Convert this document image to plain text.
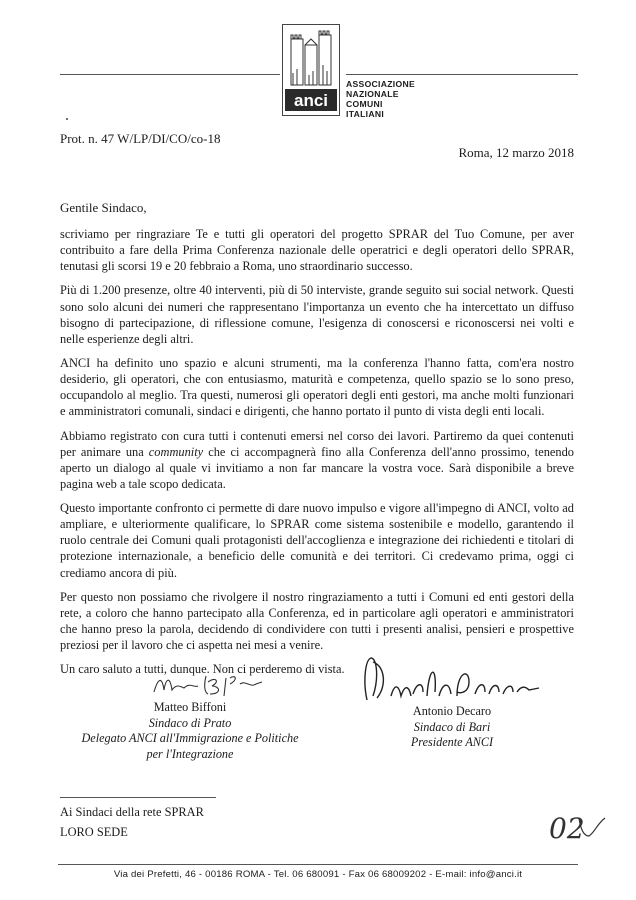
anci
ASSOCIAZIONE
NAZIONALE
COMUNI
ITALIANI
Prot. n. 47 W/LP/DI/CO/co-18
Roma, 12 marzo 2018
Gentile Sindaco,

scriviamo per ringraziare Te e tutti gli operatori del progetto SPRAR del Tuo Comune, per aver contribuito a fare della Prima Conferenza nazionale delle operatrici e degli operatori dello SPRAR, tenutasi gli scorsi 19 e 20 febbraio a Roma, uno straordinario successo.

Più di 1.200 presenze, oltre 40 interventi, più di 50 interviste, grande seguito sui social network. Questi sono solo alcuni dei numeri che rappresentano l'importanza un evento che ha intercettato un diffuso bisogno di partecipazione, di riflessione comune, l'esigenza di conoscersi e riconoscersi nei volti e nelle esperienze degli altri.

ANCI ha definito uno spazio e alcuni strumenti, ma la conferenza l'hanno fatta, com'era nostro desiderio, gli operatori, che con entusiasmo, maturità e competenza, quello spazio se lo sono preso, occupandolo al meglio. Tra questi, numerosi gli operatori degli enti gestori, ma anche molti funzionari e amministratori comunali, sindaci e dirigenti, che hanno portato il punto di vista degli enti locali.

Abbiamo registrato con cura tutti i contenuti emersi nel corso dei lavori. Partiremo da quei contenuti per animare una community che ci accompagnerà fino alla Conferenza dell'anno prossimo, tenendo aperto un dialogo al quale vi invitiamo a non far mancare la vostra voce. Sarà disponibile a breve pagina web a tale scopo dedicata.

Questo importante confronto ci permette di dare nuovo impulso e vigore all'impegno di ANCI, volto ad ampliare, e ulteriormente qualificare, lo SPRAR come sistema sostenibile e modello, garantendo il ruolo centrale dei Comuni quali protagonisti dell'accoglienza e integrazione dei richiedenti e titolari di protezione internazionale, a beneficio delle comunità e dei territori. Ci credevamo prima, oggi ci crediamo ancora di più.

Per questo non possiamo che rivolgere il nostro ringraziamento a tutti i Comuni ed enti gestori della rete, a coloro che hanno partecipato alla Conferenza, ed in particolare agli operatori e amministratori che hanno preso la parola, decidendo di condividere con tutti i presenti analisi, pensieri e prospettive preziosi per il lavoro che ci aspetta nei mesi a venire.

Un caro saluto a tutti, dunque. Non ci perderemo di vista.

Matteo Biffoni
Sindaco di Prato
Delegato ANCI all'Immigrazione e Politiche
per l'Integrazione
Antonio Decaro
Sindaco di Bari
Presidente ANCI
Ai Sindaci della rete SPRAR
LORO SEDE	02
Via dei Prefetti, 46 - 00186 ROMA - Tel. 06 680091 - Fax 06 68009202 - E-mail: info@anci.it
